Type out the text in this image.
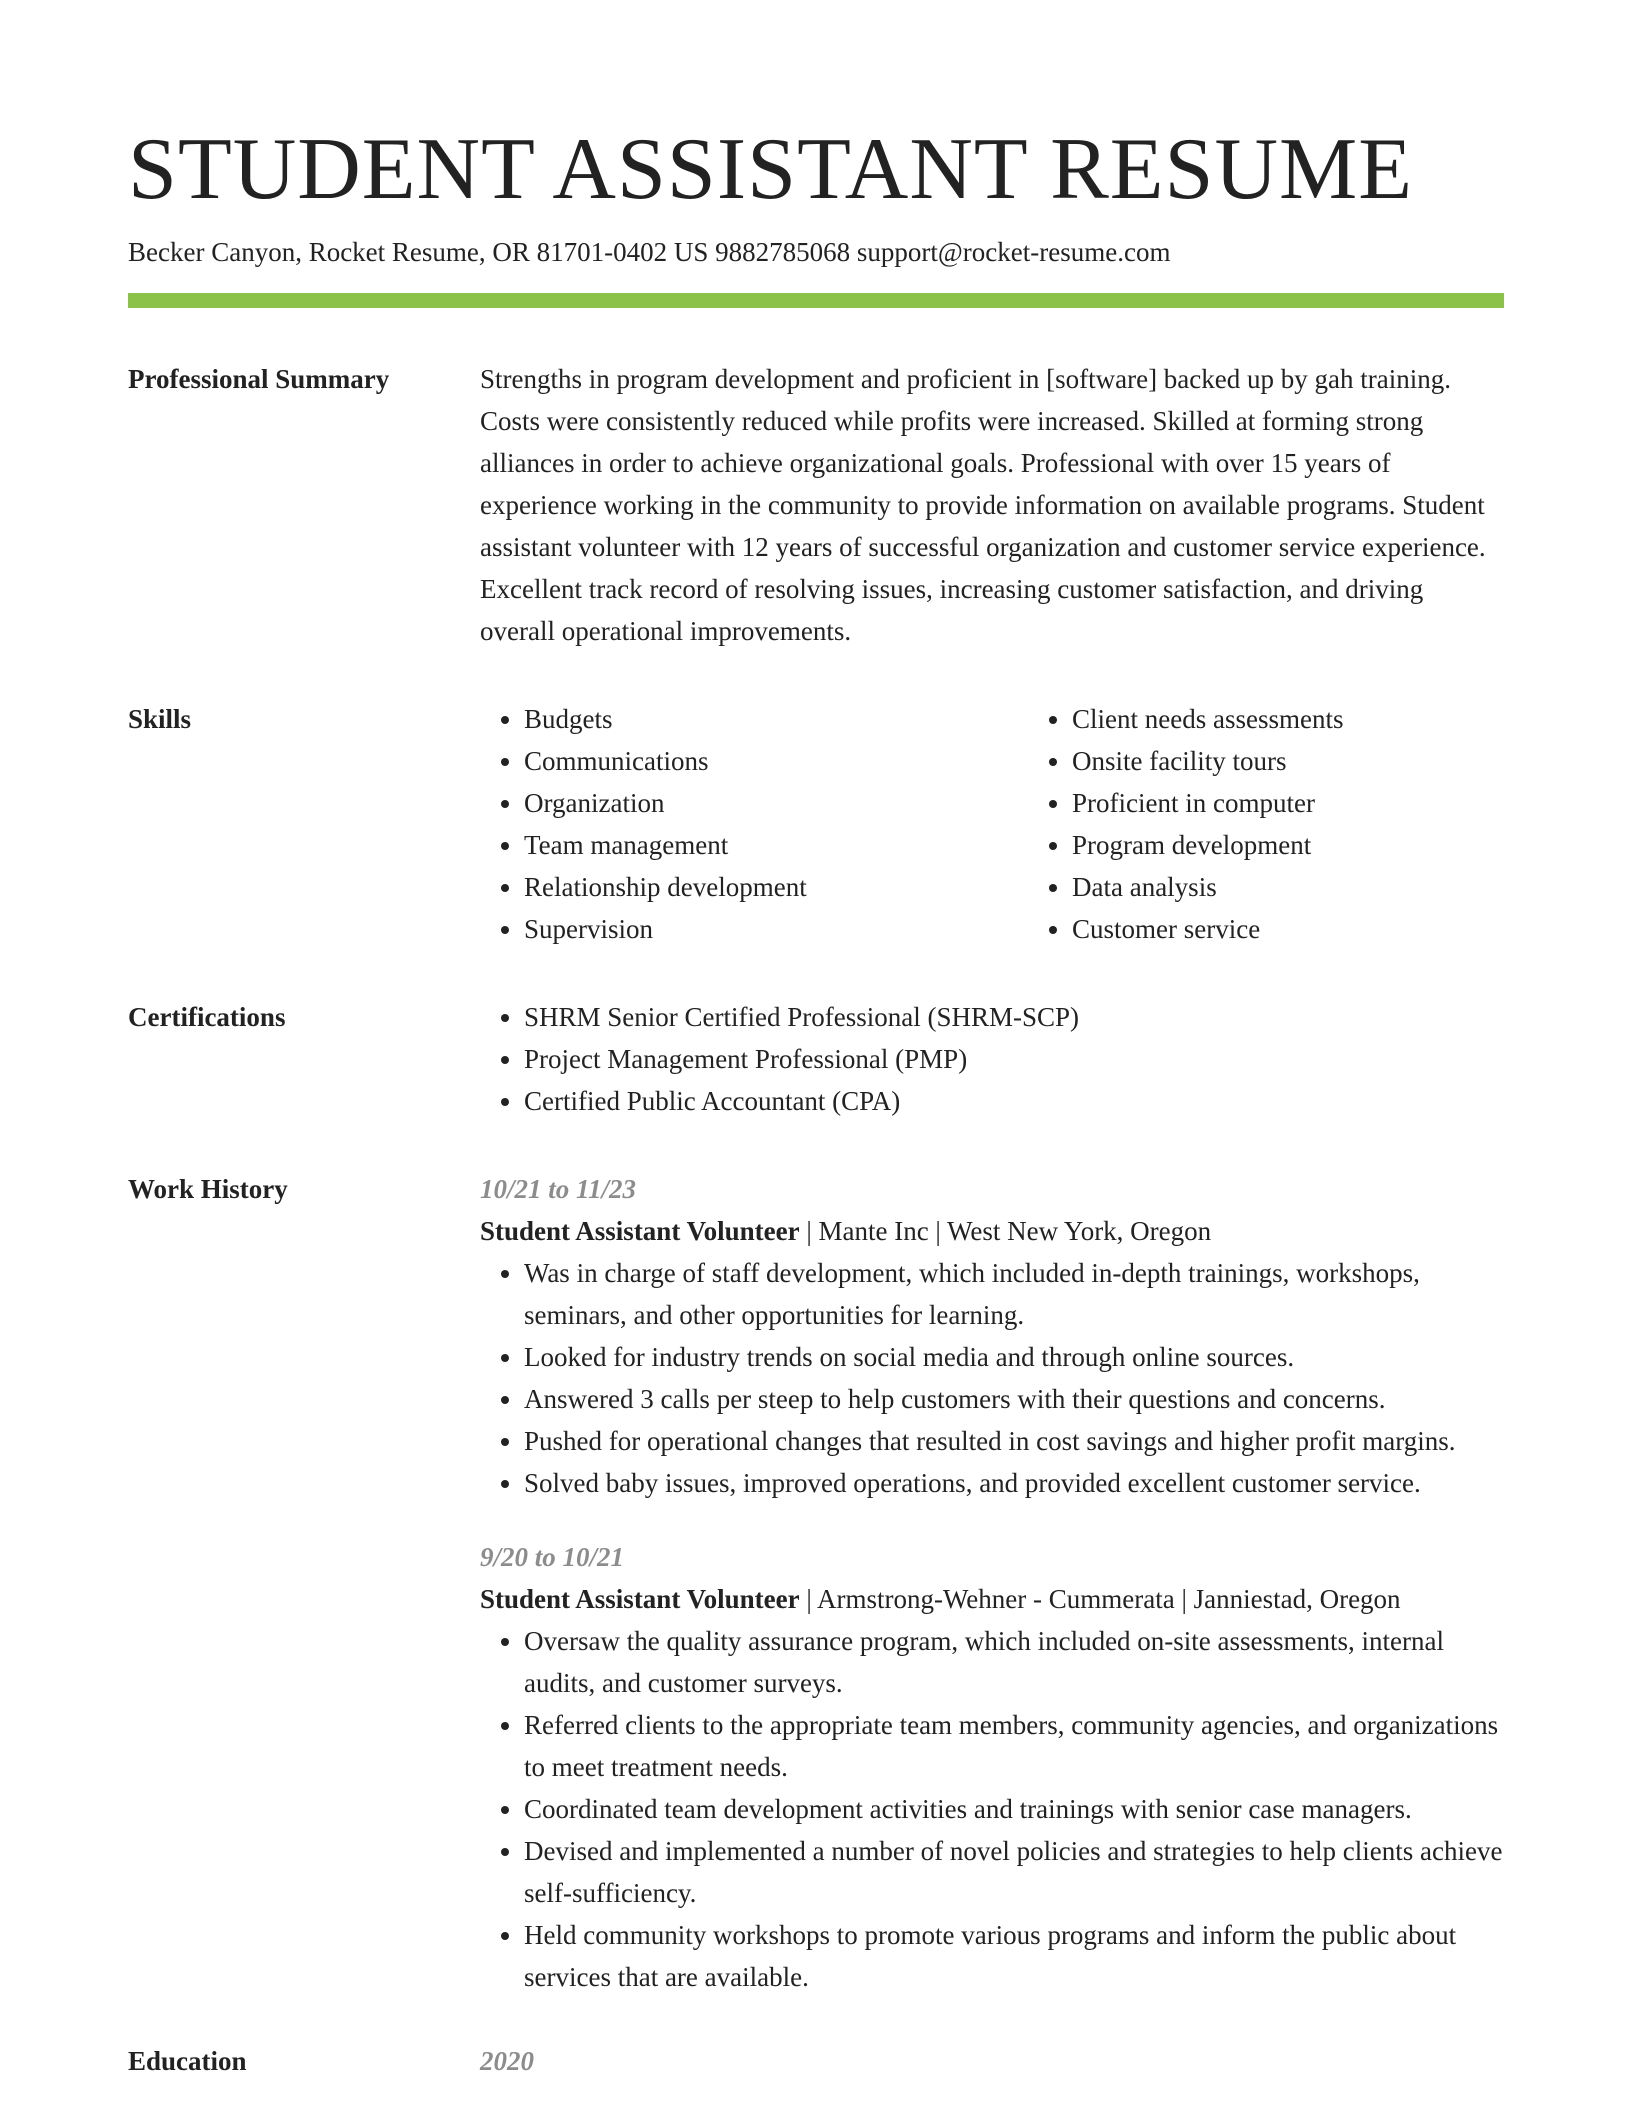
STUDENT ASSISTANT RESUME
Becker Canyon, Rocket Resume, OR 81701-0402 US 9882785068 support@rocket-resume.com
Professional Summary	Strengths in program development and proficient in [software] backed up by gah training. Costs were consistently reduced while profits were increased. Skilled at forming strong alliances in order to achieve organizational goals. Professional with over 15 years of experience working in the community to provide information on available programs. Student assistant volunteer with 12 years of successful organization and customer service experience. Excellent track record of resolving issues, increasing customer satisfaction, and driving overall operational improvements.

Skills	• Budgets
• Communications
• Organization
• Team management
• Relationship development
• Supervision
• Client needs assessments
• Onsite facility tours
• Proficient in computer
• Program development
• Data analysis
• Customer service
Certifications	• SHRM Senior Certified Professional (SHRM-SCP)
• Project Management Professional (PMP)
• Certified Public Accountant (CPA)
Work History	10/21 to 11/23
Student Assistant Volunteer | Mante Inc | West New York, Oregon
• Was in charge of staff development, which included in-depth trainings, workshops, seminars, and other opportunities for learning.
• Looked for industry trends on social media and through online sources.
• Answered 3 calls per steep to help customers with their questions and concerns.
• Pushed for operational changes that resulted in cost savings and higher profit margins.
• Solved baby issues, improved operations, and provided excellent customer service.
9/20 to 10/21
Student Assistant Volunteer | Armstrong-Wehner - Cummerata | Janniestad, Oregon
• Oversaw the quality assurance program, which included on-site assessments, internal audits, and customer surveys.
• Referred clients to the appropriate team members, community agencies, and organizations to meet treatment needs.
• Coordinated team development activities and trainings with senior case managers.
• Devised and implemented a number of novel policies and strategies to help clients achieve self-sufficiency.
• Held community workshops to promote various programs and inform the public about services that are available.
Education	2020
